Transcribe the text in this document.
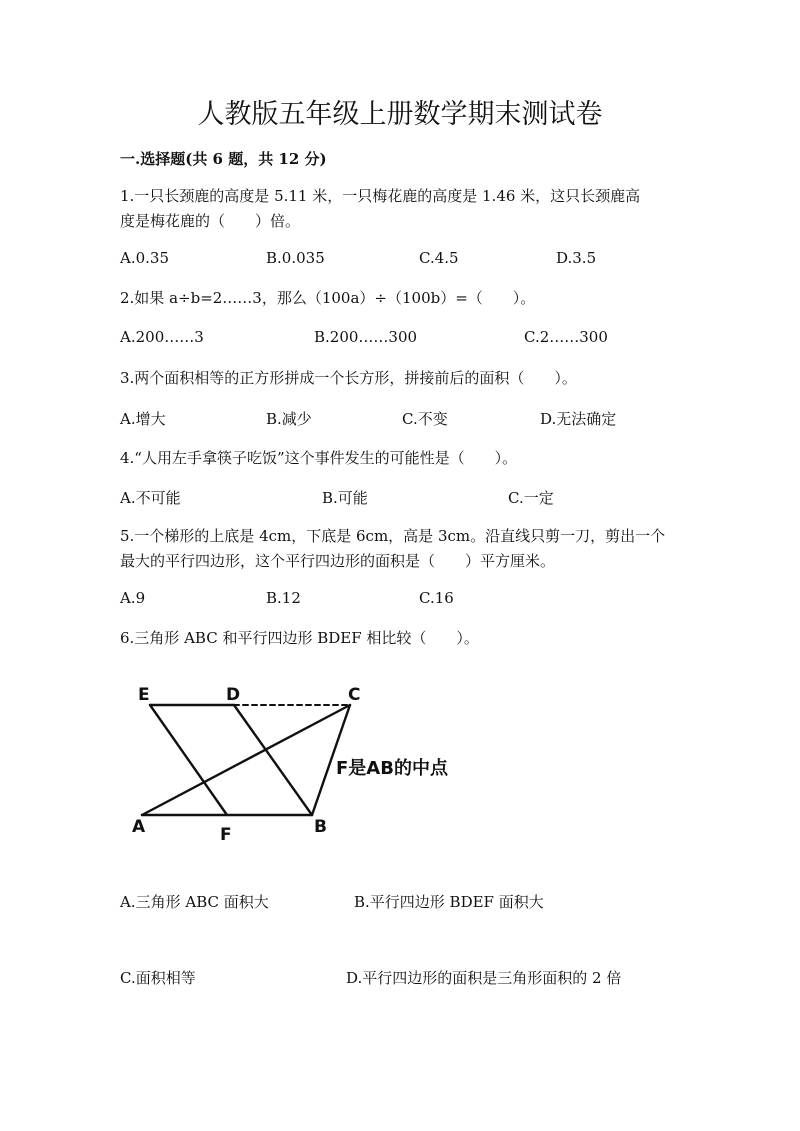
人教版五年级上册数学期末测试卷
一.选择题(共 6 题，共 12 分)
1.一只长颈鹿的高度是 5.11 米，一只梅花鹿的高度是 1.46 米，这只长颈鹿高
度是梅花鹿的（　　）倍。
A.0.35	B.0.035	C.4.5	D.3.5
2.如果 a÷b=2……3，那么（100a）÷（100b）=（　　）。
A.200……3	B.200……300	C.2……300
3.两个面积相等的正方形拼成一个长方形，拼接前后的面积（　　）。
A.增大	B.减少	C.不变	D.无法确定
4.“人用左手拿筷子吃饭”这个事件发生的可能性是（　　）。
A.不可能	B.可能	C.一定
5.一个梯形的上底是 4cm，下底是 6cm，高是 3cm。沿直线只剪一刀，剪出一个
最大的平行四边形，这个平行四边形的面积是（　　）平方厘米。
A.9	B.12	C.16
6.三角形 ABC 和平行四边形 BDEF 相比较（　　）。
E	D	C
A	F	B
F是AB的中点
A.三角形 ABC 面积大	B.平行四边形 BDEF 面积大
C.面积相等	D.平行四边形的面积是三角形面积的 2 倍
